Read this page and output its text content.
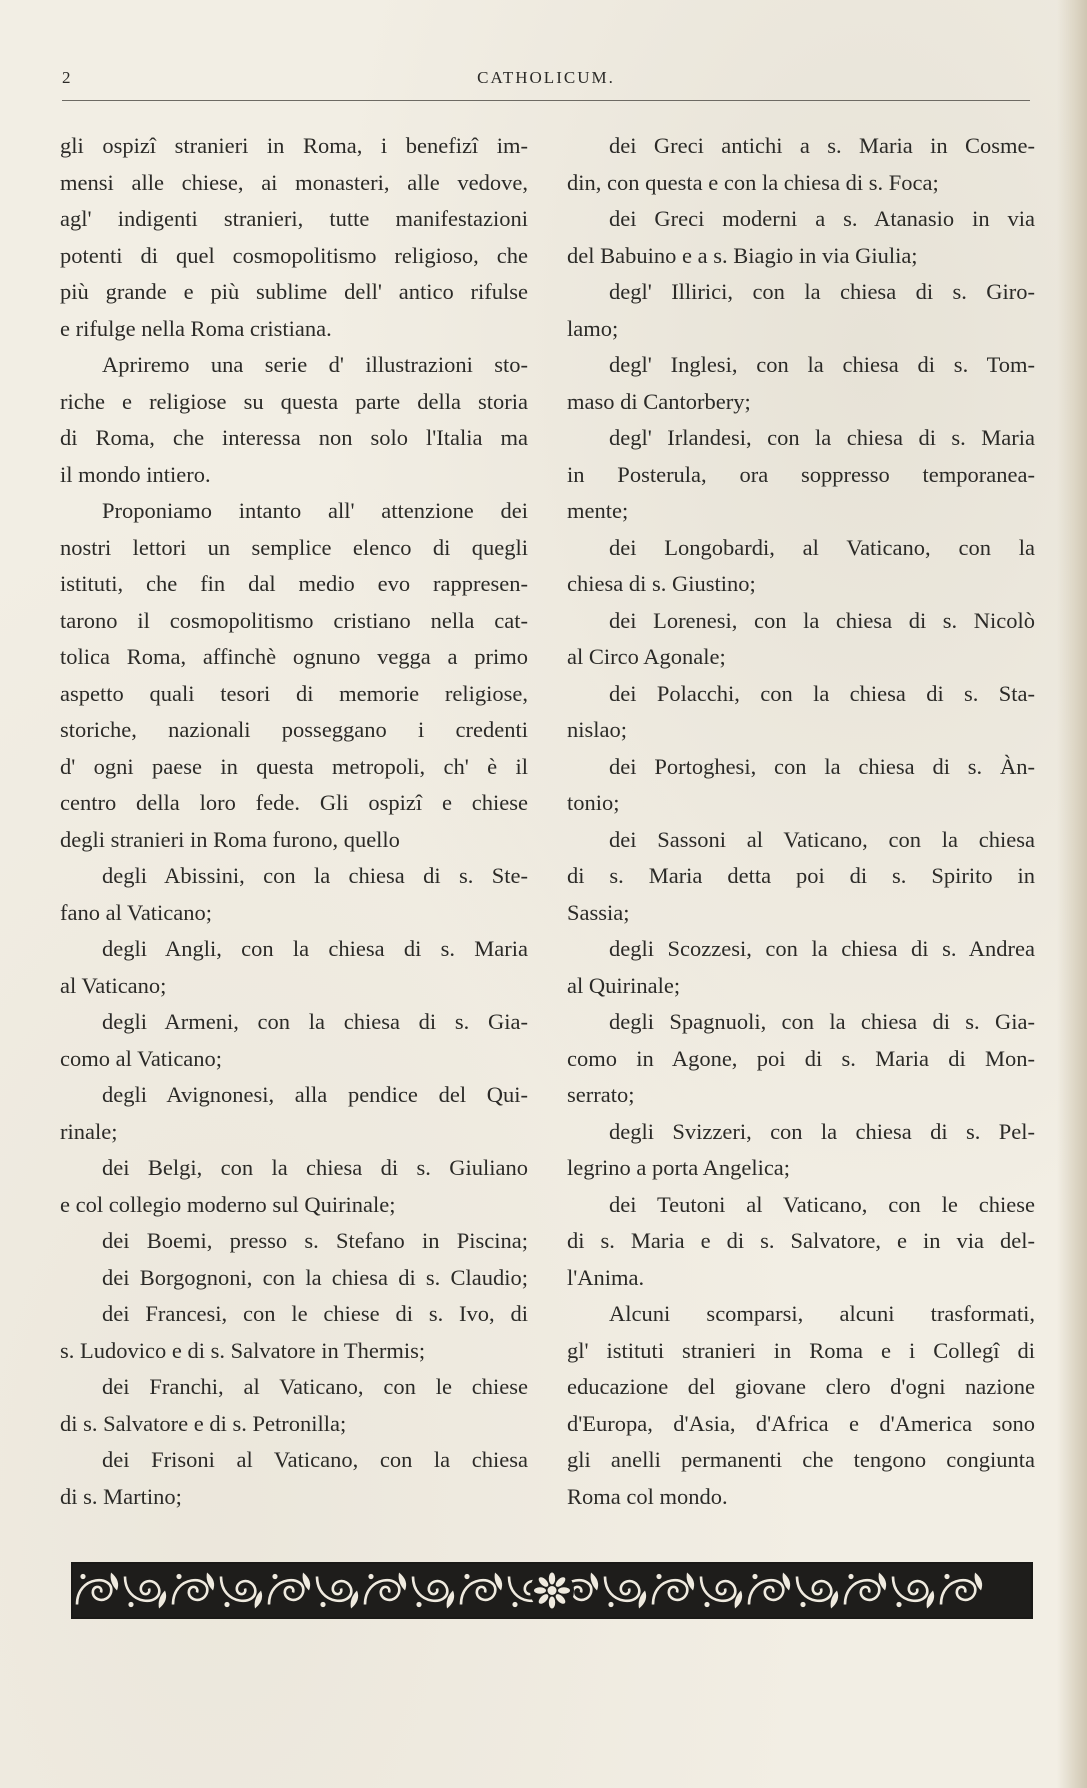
2	CATHOLICUM.
gli ospizî stranieri in Roma, i benefizî im-
mensi alle chiese, ai monasteri, alle vedove,
agl' indigenti stranieri, tutte manifestazioni
potenti di quel cosmopolitismo religioso, che
più grande e più sublime dell' antico rifulse
e rifulge nella Roma cristiana.
Apriremo una serie d' illustrazioni sto-
riche e religiose su questa parte della storia
di Roma, che interessa non solo l'Italia ma
il mondo intiero.
Proponiamo intanto all' attenzione dei
nostri lettori un semplice elenco di quegli
istituti, che fin dal medio evo rappresen-
tarono il cosmopolitismo cristiano nella cat-
tolica Roma, affinchè ognuno vegga a primo
aspetto quali tesori di memorie religiose,
storiche, nazionali posseggano i credenti
d' ogni paese in questa metropoli, ch' è il
centro della loro fede. Gli ospizî e chiese
degli stranieri in Roma furono, quello
degli Abissini, con la chiesa di s. Ste-
fano al Vaticano;
degli Angli, con la chiesa di s. Maria
al Vaticano;
degli Armeni, con la chiesa di s. Gia-
como al Vaticano;
degli Avignonesi, alla pendice del Qui-
rinale;
dei Belgi, con la chiesa di s. Giuliano
e col collegio moderno sul Quirinale;
dei Boemi, presso s. Stefano in Piscina;
dei Borgognoni, con la chiesa di s. Claudio;
dei Francesi, con le chiese di s. Ivo, di
s. Ludovico e di s. Salvatore in Thermis;
dei Franchi, al Vaticano, con le chiese
di s. Salvatore e di s. Petronilla;
dei Frisoni al Vaticano, con la chiesa
di s. Martino;
dei Greci antichi a s. Maria in Cosme-
din, con questa e con la chiesa di s. Foca;
dei Greci moderni a s. Atanasio in via
del Babuino e a s. Biagio in via Giulia;
degl' Illirici, con la chiesa di s. Giro-
lamo;
degl' Inglesi, con la chiesa di s. Tom-
maso di Cantorbery;
degl' Irlandesi, con la chiesa di s. Maria
in Posterula, ora soppresso temporanea-
mente;
dei Longobardi, al Vaticano, con la
chiesa di s. Giustino;
dei Lorenesi, con la chiesa di s. Nicolò
al Circo Agonale;
dei Polacchi, con la chiesa di s. Sta-
nislao;
dei Portoghesi, con la chiesa di s. Àn-
tonio;
dei Sassoni al Vaticano, con la chiesa
di s. Maria detta poi di s. Spirito in
Sassia;
degli Scozzesi, con la chiesa di s. Andrea
al Quirinale;
degli Spagnuoli, con la chiesa di s. Gia-
como in Agone, poi di s. Maria di Mon-
serrato;
degli Svizzeri, con la chiesa di s. Pel-
legrino a porta Angelica;
dei Teutoni al Vaticano, con le chiese
di s. Maria e di s. Salvatore, e in via del-
l'Anima.
Alcuni scomparsi, alcuni trasformati,
gl' istituti stranieri in Roma e i Collegî di
educazione del giovane clero d'ogni nazione
d'Europa, d'Asia, d'Africa e d'America sono
gli anelli permanenti che tengono congiunta
Roma col mondo.
